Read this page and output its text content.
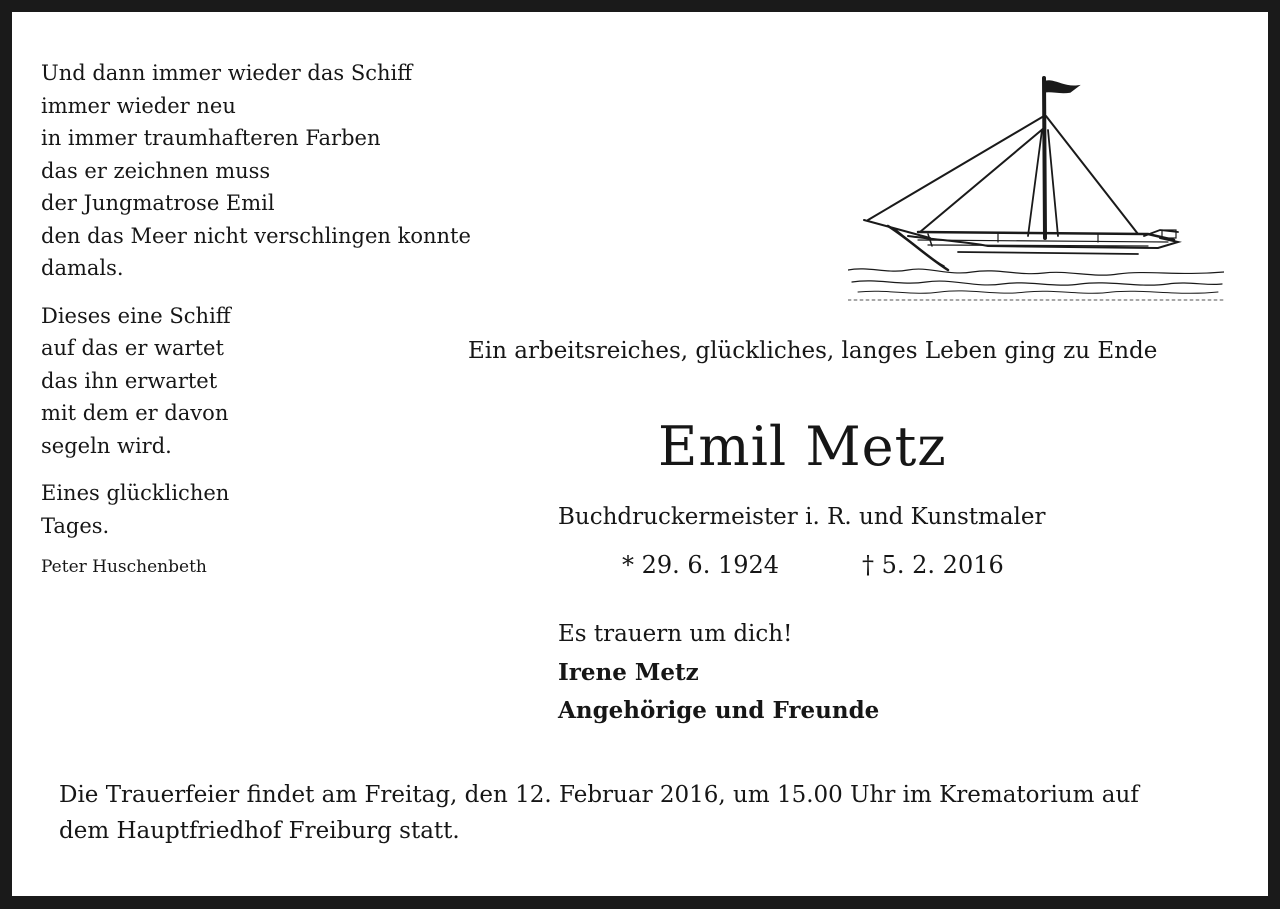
Und dann immer wieder das Schiff
immer wieder neu
in immer traumhafteren Farben
das er zeichnen muss
der Jungmatrose Emil
den das Meer nicht verschlingen konnte
damals.
Dieses eine Schiff
auf das er wartet
das ihn erwartet
mit dem er davon
segeln wird.
Eines glücklichen
Tages.
Peter Huschenbeth
Ein arbeitsreiches, glückliches, langes Leben ging zu Ende
Emil Metz
Buchdruckermeister i. R. und Kunstmaler
* 29. 6. 1924	† 5. 2. 2016
Es trauern um dich!
Irene Metz
Angehörige und Freunde
Die Trauerfeier findet am Freitag, den 12. Februar 2016, um 15.00 Uhr im Krematorium auf
dem Hauptfriedhof Freiburg statt.
